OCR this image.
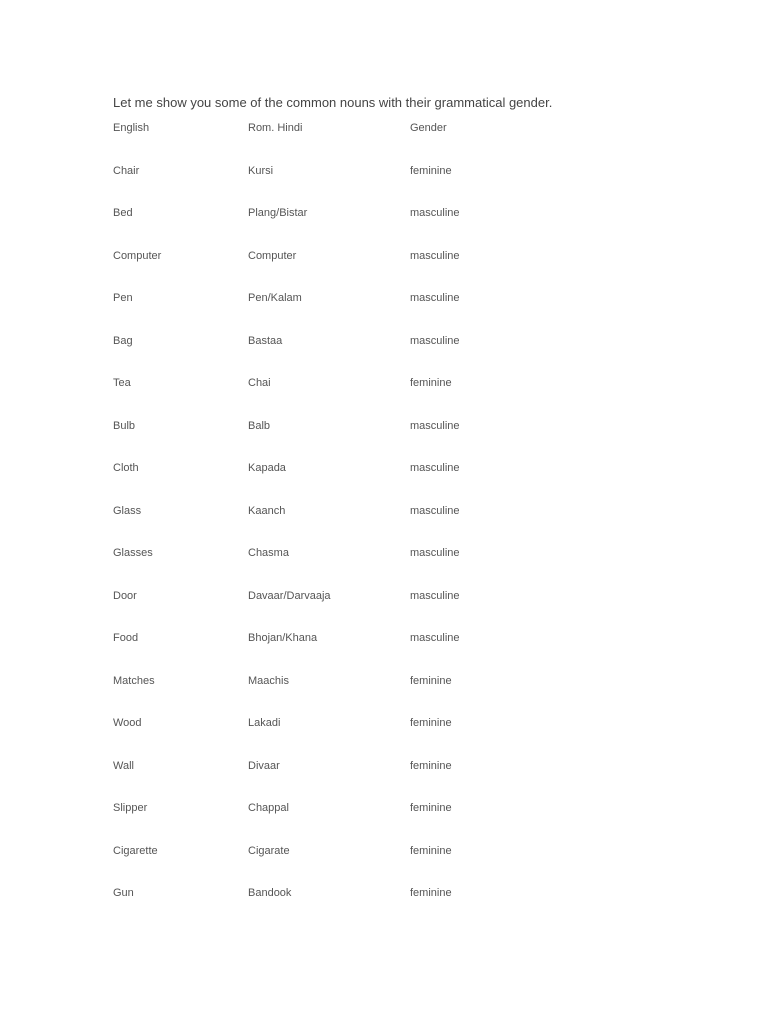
Let me show you some of the common nouns with their grammatical gender.
English	Rom. Hindi	Gender
Chair	Kursi	feminine
Bed	Plang/Bistar	masculine
Computer	Computer	masculine
Pen	Pen/Kalam	masculine
Bag	Bastaa	masculine
Tea	Chai	feminine
Bulb	Balb	masculine
Cloth	Kapada	masculine
Glass	Kaanch	masculine
Glasses	Chasma	masculine
Door	Davaar/Darvaaja	masculine
Food	Bhojan/Khana	masculine
Matches	Maachis	feminine
Wood	Lakadi	feminine
Wall	Divaar	feminine
Slipper	Chappal	feminine
Cigarette	Cigarate	feminine
Gun	Bandook	feminine
